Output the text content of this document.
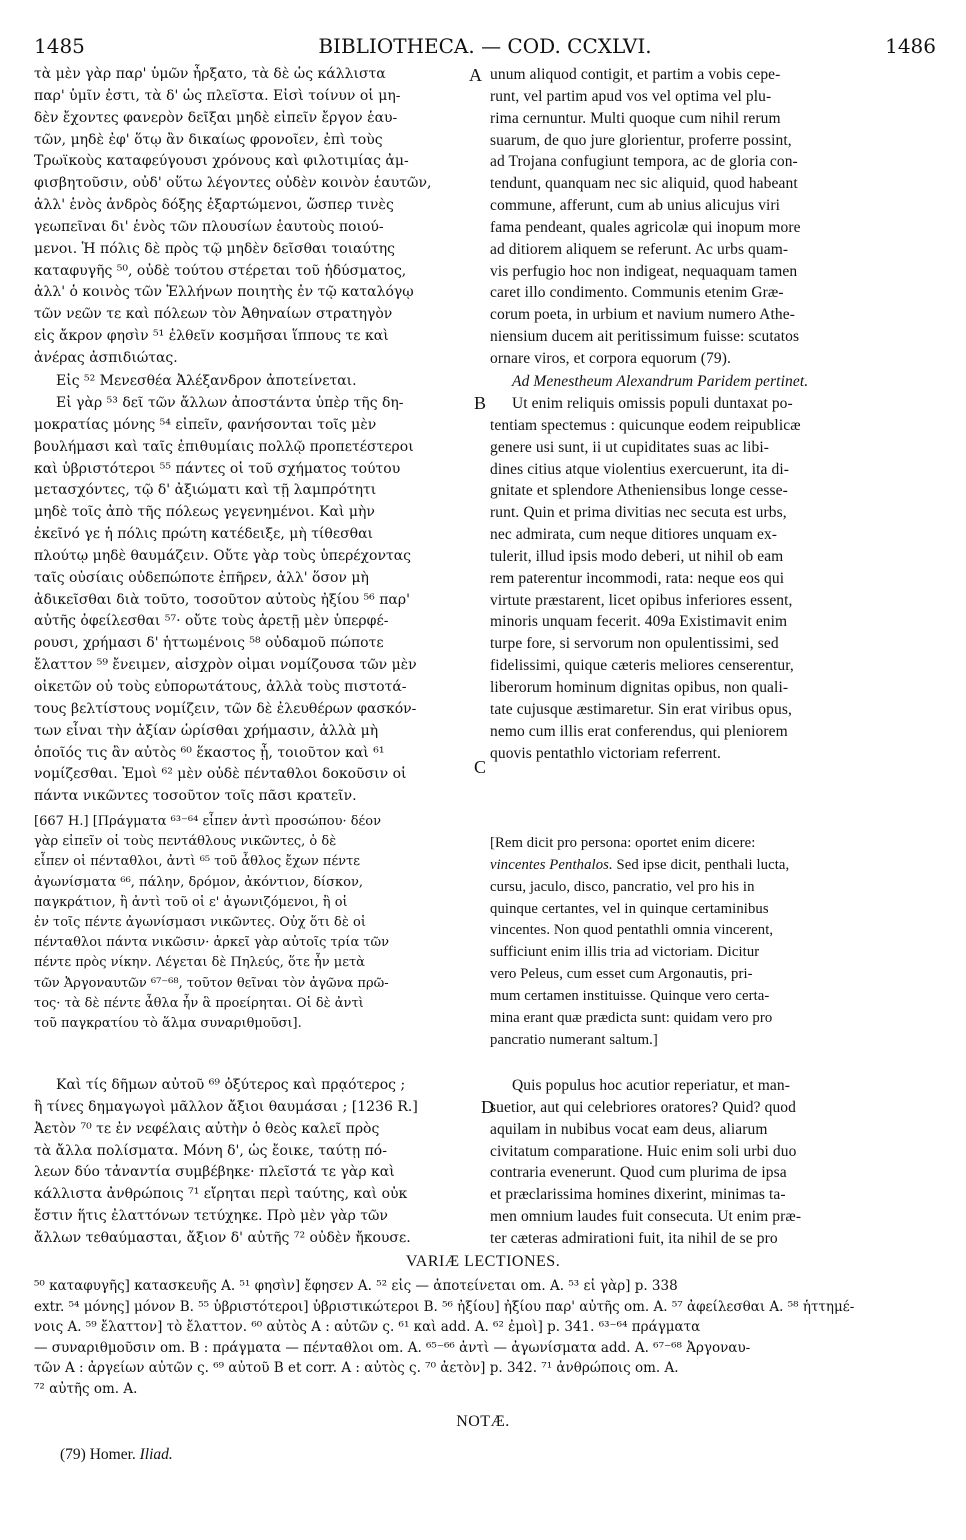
1485	BIBLIOTHECA. — COD. CCXLVI.	1486
τὰ μὲν γὰρ παρ' ὑμῶν ἦρξατο, τὰ δὲ ὡς κάλλιστα
παρ' ὑμῖν ἐστι, τὰ δ' ὡς πλεῖστα. Εἰσὶ τοίνυν οἱ μη-
δὲν ἔχοντες φανερὸν δεῖξαι μηδὲ εἰπεῖν ἔργον ἑαυ-
τῶν, μηδὲ ἐφ' ὅτῳ ἂν δικαίως φρονοῖεν, ἐπὶ τοὺς
Τρωϊκοὺς καταφεύγουσι χρόνους καὶ φιλοτιμίας ἀμ-
φισβητοῦσιν, οὐδ' οὕτω λέγοντες οὐδὲν κοινὸν ἑαυτῶν,
ἀλλ' ἑνὸς ἀνδρὸς δόξης ἐξαρτώμενοι, ὥσπερ τινὲς
γεωπεῖναι δι' ἑνὸς τῶν πλουσίων ἑαυτοὺς ποιού-
μενοι. Ἡ πόλις δὲ πρὸς τῷ μηδὲν δεῖσθαι τοιαύτης
καταφυγῆς ⁵⁰, οὐδὲ τούτου στέρεται τοῦ ἡδύσματος,
ἀλλ' ὁ κοινὸς τῶν Ἑλλήνων ποιητὴς ἐν τῷ καταλόγῳ
τῶν νεῶν τε καὶ πόλεων τὸν Ἀθηναίων στρατηγὸν
εἰς ἄκρον φησὶν ⁵¹ ἐλθεῖν κοσμῆσαι ἵππους τε καὶ
ἀνέρας ἀσπιδιώτας.
Εἰς ⁵² Μενεσθέα Ἀλέξανδρον ἀποτείνεται.
Εἰ γὰρ ⁵³ δεῖ τῶν ἄλλων ἀποστάντα ὑπὲρ τῆς δη-
μοκρατίας μόνης ⁵⁴ εἰπεῖν, φανήσονται τοῖς μὲν
βουλήμασι καὶ ταῖς ἐπιθυμίαις πολλῷ προπετέστεροι
καὶ ὑβριστότεροι ⁵⁵ πάντες οἱ τοῦ σχήματος τούτου
μετασχόντες, τῷ δ' ἀξιώματι καὶ τῇ λαμπρότητι
μηδὲ τοῖς ἀπὸ τῆς πόλεως γεγενημένοι. Καὶ μὴν
ἐκεῖνό γε ἡ πόλις πρώτη κατέδειξε, μὴ τίθεσθαι
πλούτῳ μηδὲ θαυμάζειν. Οὔτε γὰρ τοὺς ὑπερέχοντας
ταῖς οὐσίαις οὐδεπώποτε ἐπῆρεν, ἀλλ' ὅσον μὴ
ἀδικεῖσθαι διὰ τοῦτο, τοσοῦτον αὐτοὺς ἠξίου ⁵⁶ παρ'
αὐτῆς ὀφείλεσθαι ⁵⁷· οὔτε τοὺς ἀρετῇ μὲν ὑπερφέ-
ρουσι, χρήμασι δ' ἡττωμένοις ⁵⁸ οὐδαμοῦ πώποτε
ἔλαττον ⁵⁹ ἔνειμεν, αἰσχρὸν οἰμαι νομίζουσα τῶν μὲν
οἰκετῶν οὐ τοὺς εὐπορωτάτους, ἀλλὰ τοὺς πιστοτά-
τους βελτίστους νομίζειν, τῶν δὲ ἐλευθέρων φασκόν-
των εἶναι τὴν ἀξίαν ὡρίσθαι χρήμασιν, ἀλλὰ μὴ
ὁποῖός τις ἂν αὐτὸς ⁶⁰ ἕκαστος ᾖ, τοιοῦτον καὶ ⁶¹
νομίζεσθαι. Ἐμοὶ ⁶² μὲν οὐδὲ πένταθλοι δοκοῦσιν οἱ
πάντα νικῶντες τοσοῦτον τοῖς πᾶσι κρατεῖν.
[667 H.] [Πράγματα ⁶³⁻⁶⁴ εἶπεν ἀντὶ προσώπου· δέον
γὰρ εἰπεῖν οἱ τοὺς πεντάθλους νικῶντες, ὁ δὲ
εἶπεν οἱ πένταθλοι, ἀντὶ ⁶⁵ τοῦ ἆθλος ἔχων πέντε
ἀγωνίσματα ⁶⁶, πάλην, δρόμον, ἀκόντιον, δίσκον,
παγκράτιον, ἢ ἀντὶ τοῦ οἱ ε' ἀγωνιζόμενοι, ἢ οἱ
ἐν τοῖς πέντε ἀγωνίσμασι νικῶντες. Οὐχ ὅτι δὲ οἱ
πένταθλοι πάντα νικῶσιν· ἀρκεῖ γὰρ αὐτοῖς τρία τῶν
πέντε πρὸς νίκην. Λέγεται δὲ Πηλεύς, ὅτε ἦν μετὰ
τῶν Ἀργοναυτῶν ⁶⁷⁻⁶⁸, τοῦτον θεῖναι τὸν ἀγῶνα πρῶ-
τος· τὰ δὲ πέντε ἆθλα ἦν ἃ προείρηται. Οἱ δὲ ἀντὶ
τοῦ παγκρατίου τὸ ἅλμα συναριθμοῦσι].
Καὶ τίς δῆμων αὐτοῦ ⁶⁹ ὀξύτερος καὶ πρᾳότερος ;
ἢ τίνες δημαγωγοὶ μᾶλλον ἄξιοι θαυμάσαι ; [1236 R.]
Ἀετὸν ⁷⁰ τε ἐν νεφέλαις αὐτὴν ὁ θεὸς καλεῖ πρὸς
τὰ ἄλλα πολίσματα. Μόνη δ', ὡς ἔοικε, ταύτῃ πό-
λεων δύο τἀναντία συμβέβηκε· πλεῖστά τε γὰρ καὶ
κάλλιστα ἀνθρώποις ⁷¹ εἴρηται περὶ ταύτης, καὶ οὐκ
ἔστιν ἥτις ἐλαττόνων τετύχηκε. Πρὸ μὲν γὰρ τῶν
ἄλλων τεθαύμασται, ἄξιον δ' αὐτῆς ⁷² οὐδὲν ἤκουσε.
A
B
C
D
unum aliquod contigit, et partim a vobis cepe-
runt, vel partim apud vos vel optima vel plu-
rima cernuntur. Multi quoque cum nihil rerum
suarum, de quo jure glorientur, proferre possint,
ad Trojana confugiunt tempora, ac de gloria con-
tendunt, quanquam nec sic aliquid, quod habeant
commune, afferunt, cum ab unius alicujus viri
fama pendeant, quales agricolæ qui inopum more
ad ditiorem aliquem se referunt. Ac urbs quam-
vis perfugio hoc non indigeat, nequaquam tamen
caret illo condimento. Communis etenim Græ-
corum poeta, in urbium et navium numero Athe-
niensium ducem ait peritissimum fuisse: scutatos
ornare viros, et corpora equorum (79).
Ad Menestheum Alexandrum Paridem pertinet.
Ut enim reliquis omissis populi duntaxat po-
tentiam spectemus : quicunque eodem reipublicæ
genere usi sunt, ii ut cupiditates suas ac libi-
dines citius atque violentius exercuerunt, ita di-
gnitate et splendore Atheniensibus longe cesse-
runt. Quin et prima divitias nec secuta est urbs,
nec admirata, cum neque ditiores unquam ex-
tulerit, illud ipsis modo deberi, ut nihil ob eam
rem paterentur incommodi, rata: neque eos qui
virtute præstarent, licet opibus inferiores essent,
minoris unquam fecerit. 409a Existimavit enim
turpe fore, si servorum non opulentissimi, sed
fidelissimi, quique cæteris meliores censerentur,
liberorum hominum dignitas opibus, non quali-
tate cujusque æstimaretur. Sin erat viribus opus,
nemo cum illis erat conferendus, qui pleniorem
quovis pentathlo victoriam referrent.
[Rem dicit pro persona: oportet enim dicere:
vincentes Penthalos. Sed ipse dicit, penthali lucta,
cursu, jaculo, disco, pancratio, vel pro his in
quinque certantes, vel in quinque certaminibus
vincentes. Non quod pentathli omnia vincerent,
sufficiunt enim illis tria ad victoriam. Dicitur
vero Peleus, cum esset cum Argonautis, pri-
mum certamen instituisse. Quinque vero certa-
mina erant quæ prædicta sunt: quidam vero pro
pancratio numerant saltum.]
Quis populus hoc acutior reperiatur, et man-
suetior, aut qui celebriores oratores? Quid? quod
aquilam in nubibus vocat eam deus, aliarum
civitatum comparatione. Huic enim soli urbi duo
contraria evenerunt. Quod cum plurima de ipsa
et præclarissima homines dixerint, minimas ta-
men omnium laudes fuit consecuta. Ut enim præ-
ter cæteras admirationi fuit, ita nihil de se pro
VARIÆ LECTIONES.
⁵⁰ καταφυγῆς] κατασκευῆς A. ⁵¹ φησὶν] ἔφησεν A. ⁵² εἰς — ἀποτείνεται om. A. ⁵³ εἰ γὰρ] p. 338
extr. ⁵⁴ μόνης] μόνον B. ⁵⁵ ὑβριστότεροι] ὑβριστικώτεροι B. ⁵⁶ ἠξίου] ἠξίου παρ' αὐτῆς om. A. ⁵⁷ ἀφείλεσθαι A. ⁵⁸ ἡττημέ-
νοις A. ⁵⁹ ἔλαττον] τὸ ἔλαττον. ⁶⁰ αὐτὸς A : αὐτῶν ς. ⁶¹ καὶ add. A. ⁶² ἐμοὶ] p. 341. ⁶³⁻⁶⁴ πράγματα
— συναριθμοῦσιν om. B : πράγματα — πένταθλοι om. A. ⁶⁵⁻⁶⁶ ἀντὶ — ἀγωνίσματα add. A. ⁶⁷⁻⁶⁸ Ἀργοναυ-
τῶν A : ἀργείων αὐτῶν ς. ⁶⁹ αὐτοῦ B et corr. A : αὐτὸς ς. ⁷⁰ ἀετὸν] p. 342. ⁷¹ ἀνθρώποις om. A.
⁷² αὐτῆς om. A.
NOTÆ.
(79) Homer. Iliad.
